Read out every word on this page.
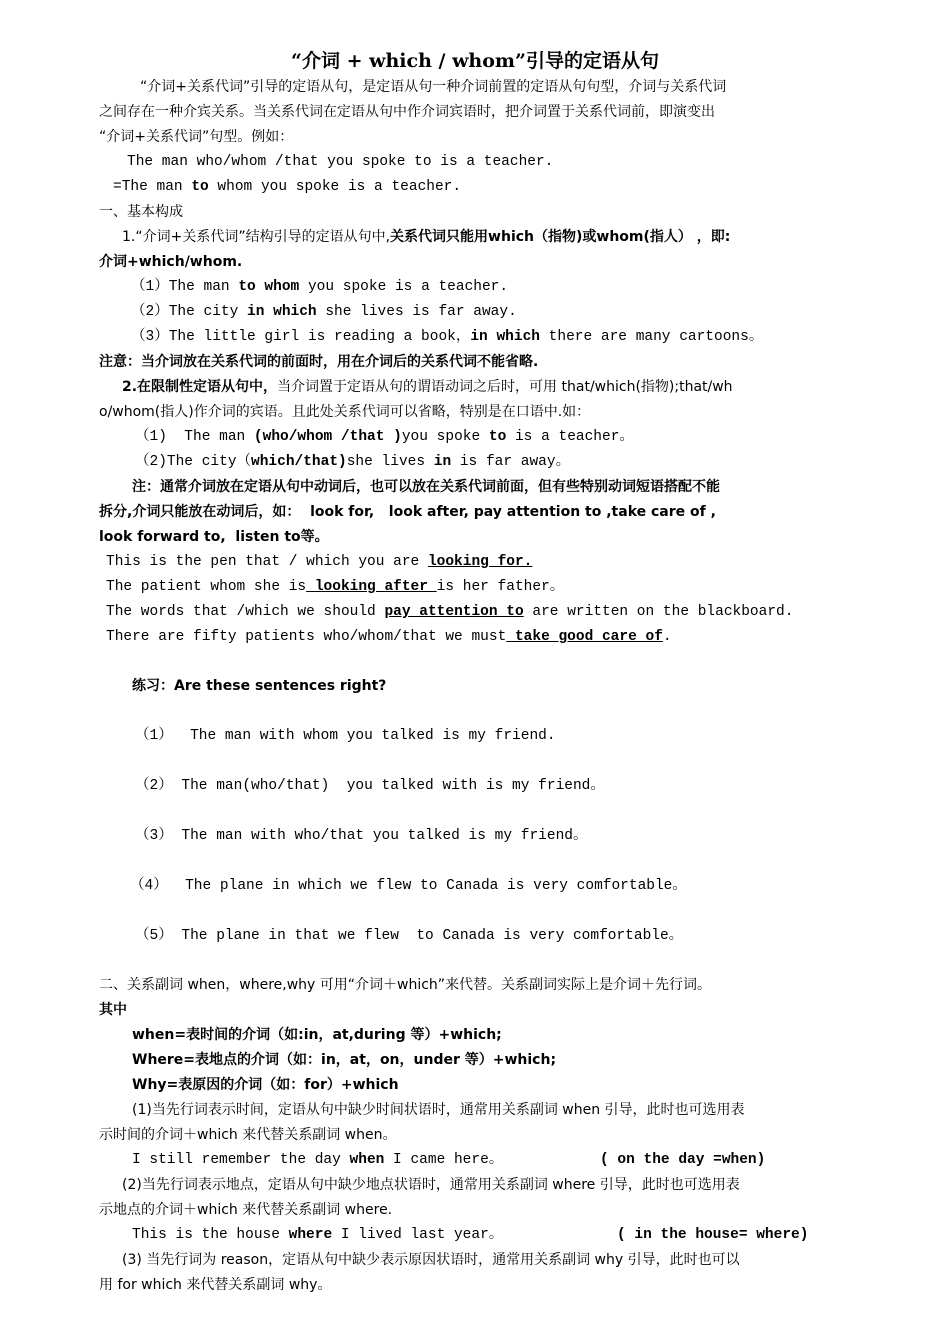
“介词 + which / whom”引导的定语从句
“介词+关系代词”引导的定语从句，是定语从句一种介词前置的定语从句句型，介词与关系代词
之间存在一种介宾关系。当关系代词在定语从句中作介词宾语时，把介词置于关系代词前，即演变出
“介词+关系代词”句型。例如：
The man who/whom /that you spoke to is a teacher.
=The man to whom you spoke is a teacher.
一、基本构成
1.“介词+关系代词”结构引导的定语从句中,关系代词只能用which（指物)或whom(指人） ，即:
介词+which/whom.
（1）The man to whom you spoke is a teacher.
（2）The city in which she lives is far away.
（3）The little girl is reading a book，in which there are many cartoons。
注意：当介词放在关系代词的前面时，用在介词后的关系代词不能省略.
2.在限制性定语从句中，当介词置于定语从句的谓语动词之后时，可用 that/which(指物);that/wh
o/whom(指人)作介词的宾语。且此处关系代词可以省略，特别是在口语中.如：
（1)  The man (who/whom /that )you spoke to is a teacher。
（2)The city（which/that)she lives in is far away。
注：通常介词放在定语从句中动词后，也可以放在关系代词前面，但有些特别动词短语搭配不能
拆分,介词只能放在动词后，如：  look for,   look after, pay attention to ,take care of ,
look forward to,  listen to等。
This is the pen that / which you are looking for.
The patient whom she is looking after is her father。
The words that /which we should pay attention to are written on the blackboard.
There are fifty patients who/whom/that we must take good care of.
练习：Are these sentences right?
（1）  The man with whom you talked is my friend.
（2） The man(who/that)  you talked with is my friend。
（3） The man with who/that you talked is my friend。
（4）  The plane in which we flew to Canada is very comfortable。
（5） The plane in that we flew  to Canada is very comfortable。
二、关系副词 when，where,why 可用“介词＋which”来代替。关系副词实际上是介词＋先行词。
其中
when=表时间的介词（如:in，at,during 等）+which;
Where=表地点的介词（如：in，at，on，under 等）+which;
Why=表原因的介词（如：for）+which
(1)当先行词表示时间，定语从句中缺少时间状语时，通常用关系副词 when 引导，此时也可选用表
示时间的介词＋which 来代替关系副词 when。
I still remember the day when I came here。	( on the day =when)
(2)当先行词表示地点，定语从句中缺少地点状语时，通常用关系副词 where 引导，此时也可选用表
示地点的介词＋which 来代替关系副词 where.
This is the house where I lived last year。	( in the house= where)
(3) 当先行词为 reason，定语从句中缺少表示原因状语时，通常用关系副词 why 引导，此时也可以
用 for which 来代替关系副词 why。
